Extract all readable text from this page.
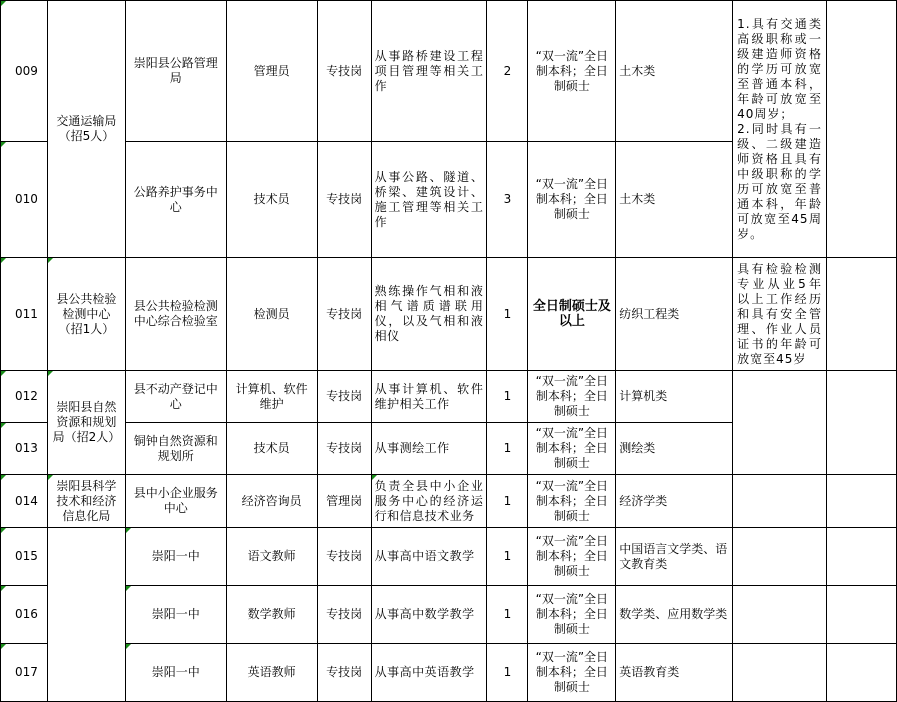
009	交通运输局（招5人）	崇阳县公路管理局	管理员	专技岗	从事路桥建设工程项目管理等相关工作	2	“双一流”全日制本科；全日制硕士	土木类	1.具有交通类高级职称或一级建造师资格的学历可放宽至普通本科，年龄可放宽至40周岁；
2.同时具有一级、二级建造师资格且具有中级职称的学历可放宽至普通本科，年龄可放宽至45周岁。	
010		公路养护事务中心	技术员	专技岗	从事公路、隧道、桥梁、建筑设计、施工管理等相关工作	3	“双一流”全日制本科；全日制硕士	土木类		
011	县公共检验检测中心（招1人）	县公共检验检测中心综合检验室	检测员	专技岗	熟练操作气相和液相气谱质谱联用仪，以及气相和液相仪	1	全日制硕士及以上	纺织工程类	具有检验检测专业从业5年以上工作经历和具有安全管理、作业人员证书的年龄可放宽至45岁	
012	崇阳县自然资源和规划局（招2人）	县不动产登记中心	计算机、软件维护	专技岗	从事计算机、软件维护相关工作	1	“双一流”全日制本科；全日制硕士	计算机类		
013		铜钟自然资源和规划所	技术员	专技岗	从事测绘工作	1	“双一流”全日制本科；全日制硕士	测绘类		
014	崇阳县科学技术和经济信息化局	县中小企业服务中心	经济咨询员	管理岗	负责全县中小企业服务中心的经济运行和信息技术业务	1	“双一流”全日制本科；全日制硕士	经济学类		
015		崇阳一中	语文教师	专技岗	从事高中语文教学	1	“双一流”全日制本科；全日制硕士	中国语言文学类、语文教育类		
016		崇阳一中	数学教师	专技岗	从事高中数学教学	1	“双一流”全日制本科；全日制硕士	数学类、应用数学类		
017		崇阳一中	英语教师	专技岗	从事高中英语教学	1	“双一流”全日制本科；全日制硕士	英语教育类		
